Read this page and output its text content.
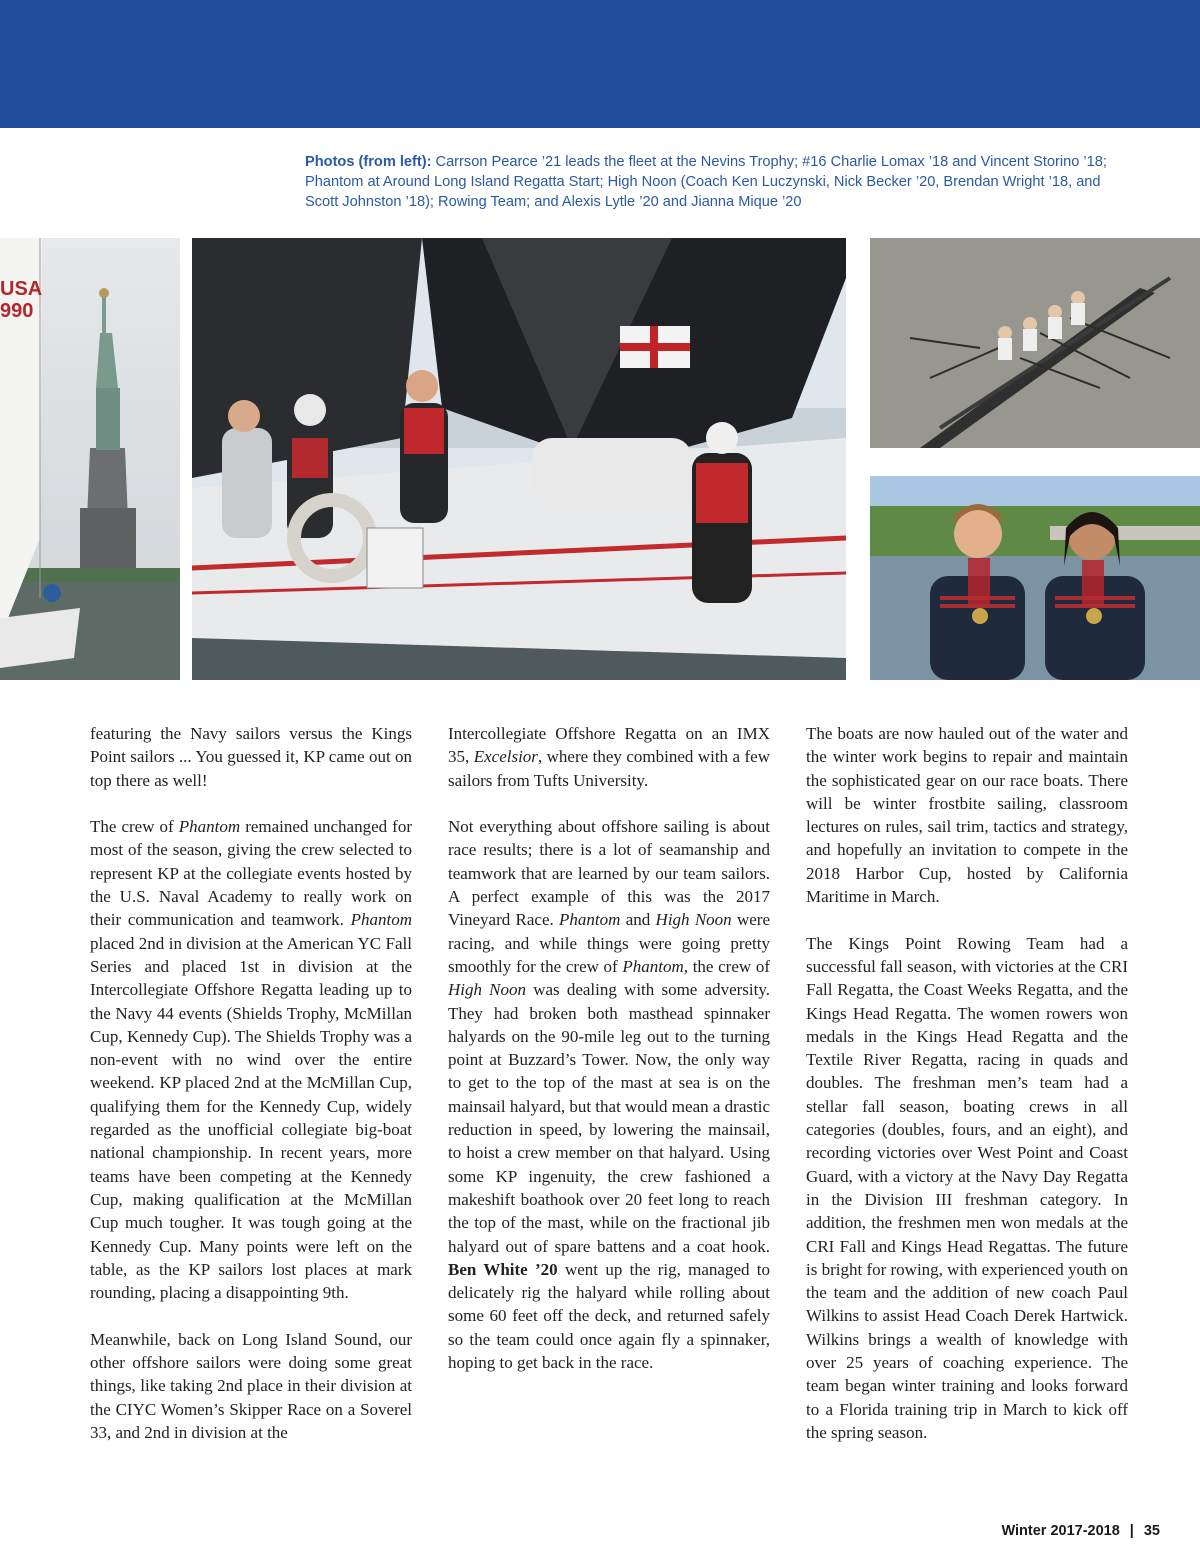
Photos (from left): Carrson Pearce ’21 leads the fleet at the Nevins Trophy; #16 Charlie Lomax ’18 and Vincent Storino ’18; Phantom at Around Long Island Regatta Start; High Noon (Coach Ken Luczynski, Nick Becker ’20, Brendan Wright ’18, and Scott Johnston ’18); Rowing Team; and Alexis Lytle ’20 and Jianna Mique ’20
USA
990

featuring the Navy sailors versus the Kings Point sailors ... You guessed it, KP came out on top there as well!

The crew of Phantom remained unchanged for most of the season, giving the crew selected to represent KP at the collegiate events hosted by the U.S. Naval Academy to really work on their communication and teamwork. Phantom placed 2nd in division at the American YC Fall Series and placed 1st in division at the Intercollegiate Offshore Regatta leading up to the Navy 44 events (Shields Trophy, McMillan Cup, Kennedy Cup). The Shields Trophy was a non-event with no wind over the entire weekend. KP placed 2nd at the McMillan Cup, qualifying them for the Kennedy Cup, widely regarded as the unofficial collegiate big-boat national championship. In recent years, more teams have been competing at the Kennedy Cup, making qualification at the McMillan Cup much tougher. It was tough going at the Kennedy Cup. Many points were left on the table, as the KP sailors lost places at mark rounding, placing a disappointing 9th.

Meanwhile, back on Long Island Sound, our other offshore sailors were doing some great things, like taking 2nd place in their division at the CIYC Women’s Skipper Race on a Soverel 33, and 2nd in division at the

Intercollegiate Offshore Regatta on an IMX 35, Excelsior, where they combined with a few sailors from Tufts University.

Not everything about offshore sailing is about race results; there is a lot of seamanship and teamwork that are learned by our team sailors. A perfect example of this was the 2017 Vineyard Race. Phantom and High Noon were racing, and while things were going pretty smoothly for the crew of Phantom, the crew of High Noon was dealing with some adversity. They had broken both masthead spinnaker halyards on the 90-mile leg out to the turning point at Buzzard’s Tower. Now, the only way to get to the top of the mast at sea is on the mainsail halyard, but that would mean a drastic reduction in speed, by lowering the mainsail, to hoist a crew member on that halyard. Using some KP ingenuity, the crew fashioned a makeshift boathook over 20 feet long to reach the top of the mast, while on the fractional jib halyard out of spare battens and a coat hook. Ben White ’20 went up the rig, managed to delicately rig the halyard while rolling about some 60 feet off the deck, and returned safely so the team could once again fly a spinnaker, hoping to get back in the race.

The boats are now hauled out of the water and the winter work begins to repair and maintain the sophisticated gear on our race boats. There will be winter frostbite sailing, classroom lectures on rules, sail trim, tactics and strategy, and hopefully an invitation to compete in the 2018 Harbor Cup, hosted by California Maritime in March.

The Kings Point Rowing Team had a successful fall season, with victories at the CRI Fall Regatta, the Coast Weeks Regatta, and the Kings Head Regatta. The women rowers won medals in the Kings Head Regatta and the Textile River Regatta, racing in quads and doubles. The freshman men’s team had a stellar fall season, boating crews in all categories (doubles, fours, and an eight), and recording victories over West Point and Coast Guard, with a victory at the Navy Day Regatta in the Division III freshman category. In addition, the freshmen men won medals at the CRI Fall and Kings Head Regattas. The future is bright for rowing, with experienced youth on the team and the addition of new coach Paul Wilkins to assist Head Coach Derek Hartwick. Wilkins brings a wealth of knowledge with over 25 years of coaching experience. The team began winter training and looks forward to a Florida training trip in March to kick off the spring season.

Winter 2017-2018 | 35
